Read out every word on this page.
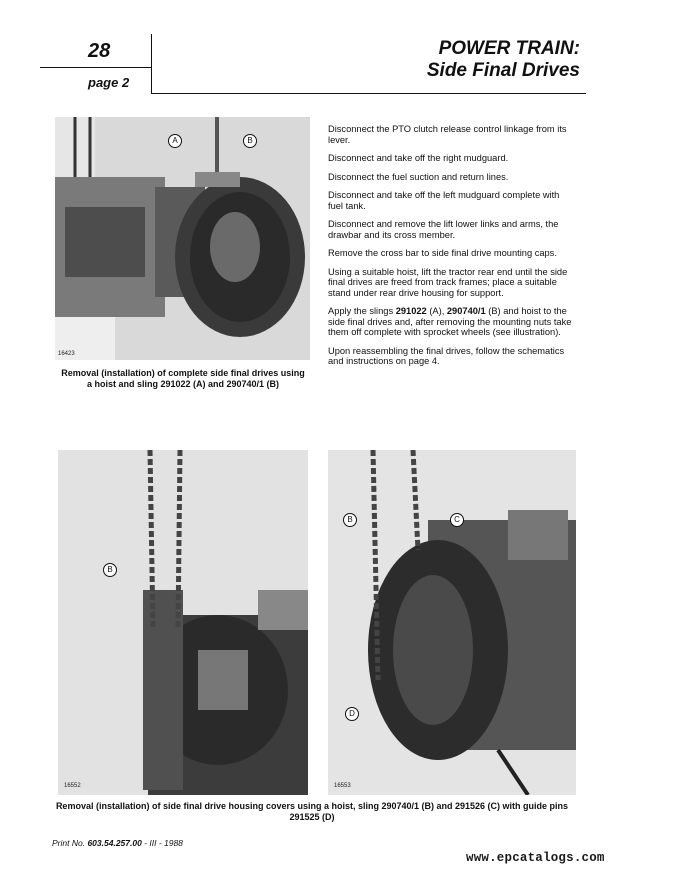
28
page 2
POWER TRAIN:
Side Final Drives
A	B
16423
Removal (installation) of complete side final drives using a hoist and sling 291022 (A) and 290740/1 (B)

Disconnect the PTO clutch release control linkage from its lever.

Disconnect and take off the right mudguard.

Disconnect the fuel suction and return lines.

Disconnect and take off the left mudguard complete with fuel tank.

Disconnect and remove the lift lower links and arms, the drawbar and its cross member.

Remove the cross bar to side final drive mounting caps.

Using a suitable hoist, lift the tractor rear end until the side final drives are freed from track frames; place a suitable stand under rear drive housing for support.

Apply the slings 291022 (A), 290740/1 (B) and hoist to the side final drives and, after removing the mounting nuts take them off complete with sprocket wheels (see illustration).

Upon reassembling the final drives, follow the schematics and instructions on page 4.

B
16552
B	C
D
16553
Removal (installation) of side final drive housing covers using a hoist, sling 290740/1 (B) and 291526 (C) with guide pins 291525 (D)
Print No. 603.54.257.00 - III - 1988
www.epcatalogs.com
